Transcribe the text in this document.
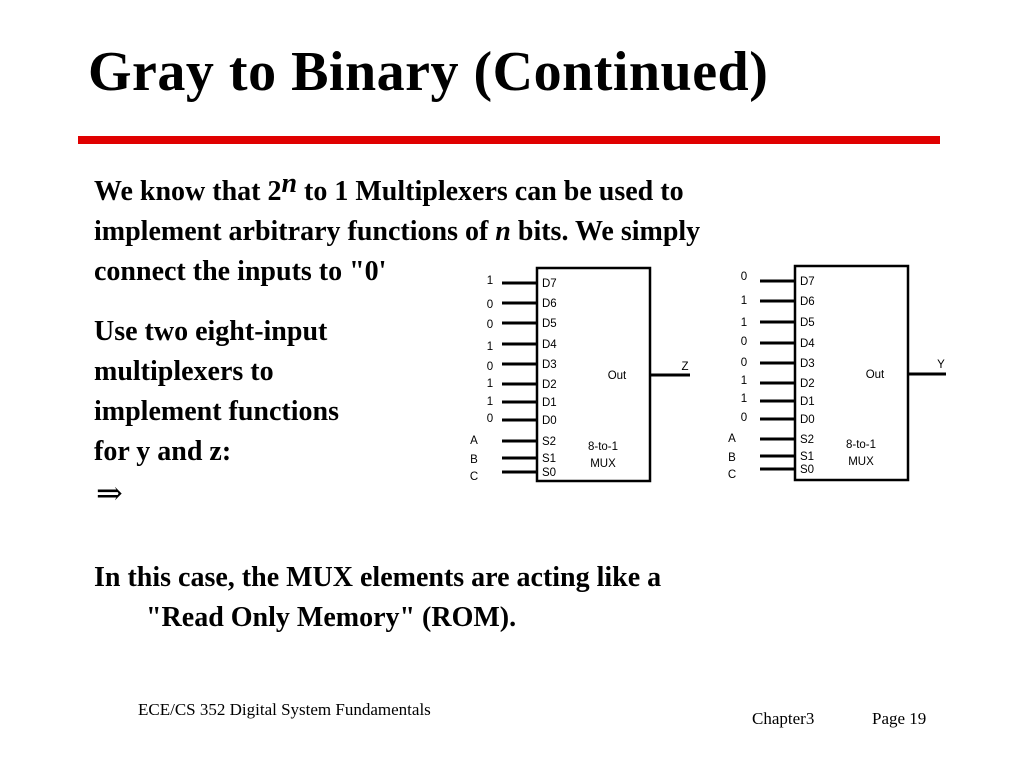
Gray to Binary (Continued)
We know that 2n to 1 Multiplexers can be used to
implement arbitrary functions of n bits. We simply
connect the inputs to "0'
Use two eight-input
multiplexers to
implement functions
for y and z:
⇒
In this case, the MUX elements are acting like a
"Read Only Memory" (ROM).
1	D7
0	D6
0	D5
1	D4
0	D3
1	D2
1	D1
0	D0
A	S2
B	S1
C	S0
Z
Out
8-to-1
MUX
0	D7
1	D6
1	D5
0	D4
0	D3
1	D2
1	D1
0	D0
A	S2
B	S1
C	S0
Y
Out
8-to-1
MUX
ECE/CS 352 Digital System Fundamentals	Chapter3	Page 19
